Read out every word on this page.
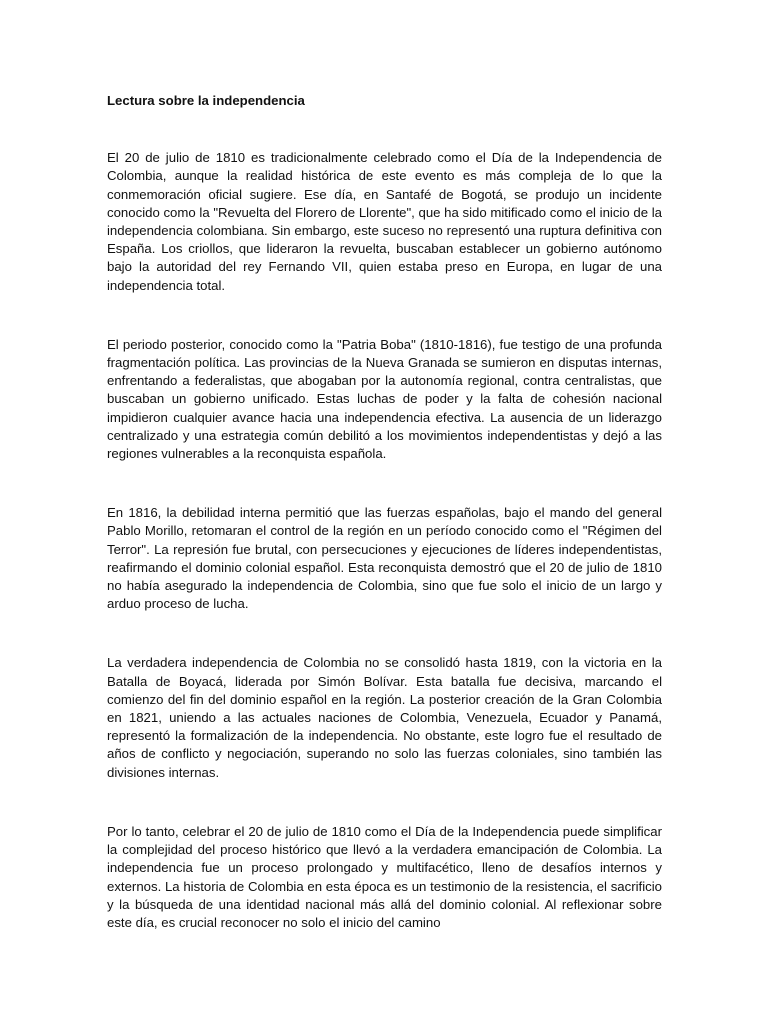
Lectura sobre la independencia

El 20 de julio de 1810 es tradicionalmente celebrado como el Día de la Independencia de Colombia, aunque la realidad histórica de este evento es más compleja de lo que la conmemoración oficial sugiere. Ese día, en Santafé de Bogotá, se produjo un incidente conocido como la "Revuelta del Florero de Llorente", que ha sido mitificado como el inicio de la independencia colombiana. Sin embargo, este suceso no representó una ruptura definitiva con España. Los criollos, que lideraron la revuelta, buscaban establecer un gobierno autónomo bajo la autoridad del rey Fernando VII, quien estaba preso en Europa, en lugar de una independencia total.

El periodo posterior, conocido como la "Patria Boba" (1810-1816), fue testigo de una profunda fragmentación política. Las provincias de la Nueva Granada se sumieron en disputas internas, enfrentando a federalistas, que abogaban por la autonomía regional, contra centralistas, que buscaban un gobierno unificado. Estas luchas de poder y la falta de cohesión nacional impidieron cualquier avance hacia una independencia efectiva. La ausencia de un liderazgo centralizado y una estrategia común debilitó a los movimientos independentistas y dejó a las regiones vulnerables a la reconquista española.

En 1816, la debilidad interna permitió que las fuerzas españolas, bajo el mando del general Pablo Morillo, retomaran el control de la región en un período conocido como el "Régimen del Terror". La represión fue brutal, con persecuciones y ejecuciones de líderes independentistas, reafirmando el dominio colonial español. Esta reconquista demostró que el 20 de julio de 1810 no había asegurado la independencia de Colombia, sino que fue solo el inicio de un largo y arduo proceso de lucha.

La verdadera independencia de Colombia no se consolidó hasta 1819, con la victoria en la Batalla de Boyacá, liderada por Simón Bolívar. Esta batalla fue decisiva, marcando el comienzo del fin del dominio español en la región. La posterior creación de la Gran Colombia en 1821, uniendo a las actuales naciones de Colombia, Venezuela, Ecuador y Panamá, representó la formalización de la independencia. No obstante, este logro fue el resultado de años de conflicto y negociación, superando no solo las fuerzas coloniales, sino también las divisiones internas.

Por lo tanto, celebrar el 20 de julio de 1810 como el Día de la Independencia puede simplificar la complejidad del proceso histórico que llevó a la verdadera emancipación de Colombia. La independencia fue un proceso prolongado y multifacético, lleno de desafíos internos y externos. La historia de Colombia en esta época es un testimonio de la resistencia, el sacrificio y la búsqueda de una identidad nacional más allá del dominio colonial. Al reflexionar sobre este día, es crucial reconocer no solo el inicio del camino
